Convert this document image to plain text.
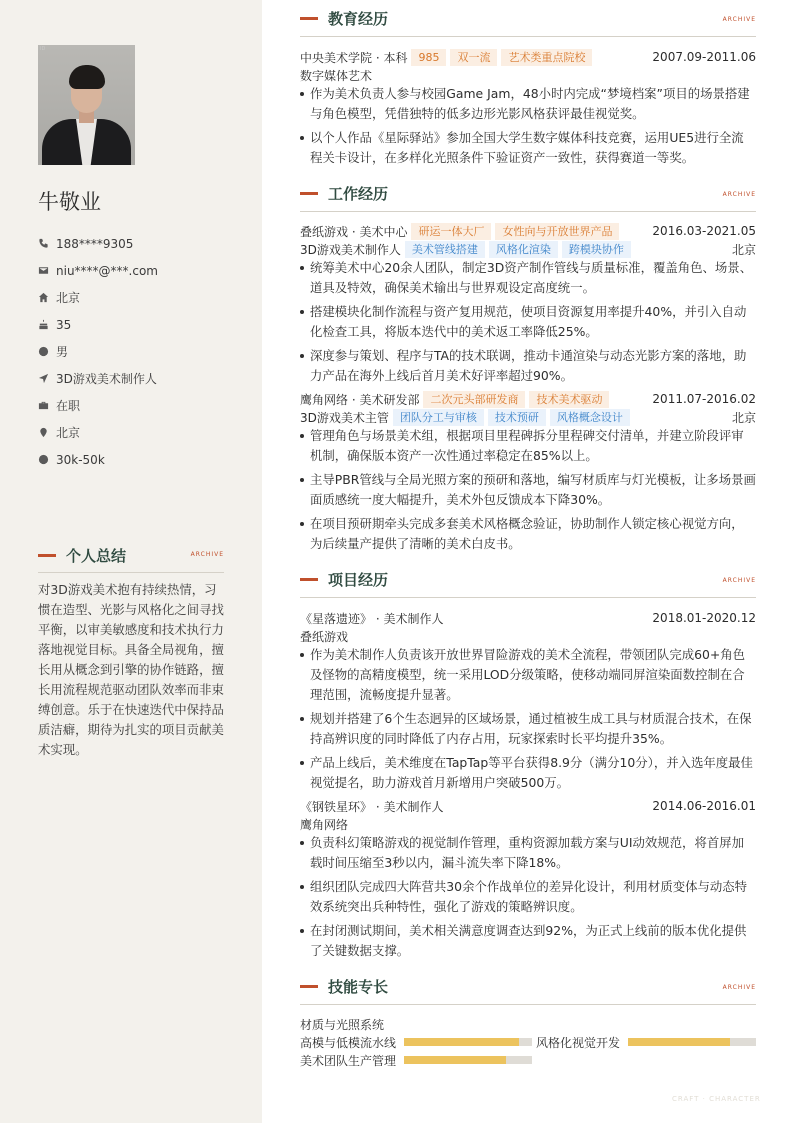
ID
牛敬业
188****9305
niu****@***.com
北京
35
男
3D游戏美术制作人
在职
北京
30k-50k
个人总结	ARCHIVE
对3D游戏美术抱有持续热情，习惯在造型、光影与风格化之间寻找平衡，以审美敏感度和技术执行力落地视觉目标。具备全局视角，擅长用从概念到引擎的协作链路，擅长用流程规范驱动团队效率而非束缚创意。乐于在快速迭代中保持品质洁癖，期待为扎实的项目贡献美术实现。
教育经历	ARCHIVE
中央美术学院 · 本科	985	双一流	艺术类重点院校	2007.09-2011.06
数字媒体艺术
作为美术负责人参与校园Game Jam，48小时内完成“梦境档案”项目的场景搭建与角色模型，凭借独特的低多边形光影风格获评最佳视觉奖。
以个人作品《星际驿站》参加全国大学生数字媒体科技竞赛，运用UE5进行全流程关卡设计，在多样化光照条件下验证资产一致性，获得赛道一等奖。
工作经历	ARCHIVE
叠纸游戏 · 美术中心	研运一体大厂	女性向与开放世界产品	2016.03-2021.05
3D游戏美术制作人	美术管线搭建	风格化渲染	跨模块协作	北京
统筹美术中心20余人团队，制定3D资产制作管线与质量标准，覆盖角色、场景、道具及特效，确保美术输出与世界观设定高度统一。
搭建模块化制作流程与资产复用规范，使项目资源复用率提升40%，并引入自动化检查工具，将版本迭代中的美术返工率降低25%。
深度参与策划、程序与TA的技术联调，推动卡通渲染与动态光影方案的落地，助力产品在海外上线后首月美术好评率超过90%。
鹰角网络 · 美术研发部	二次元头部研发商	技术美术驱动	2011.07-2016.02
3D游戏美术主管	团队分工与审核	技术预研	风格概念设计	北京
管理角色与场景美术组，根据项目里程碑拆分里程碑交付清单，并建立阶段评审机制，确保版本资产一次性通过率稳定在85%以上。
主导PBR管线与全局光照方案的预研和落地，编写材质库与灯光模板，让多场景画面质感统一度大幅提升，美术外包反馈成本下降30%。
在项目预研期牵头完成多套美术风格概念验证，协助制作人锁定核心视觉方向，为后续量产提供了清晰的美术白皮书。
项目经历	ARCHIVE
《星落遗迹》 · 美术制作人	2018.01-2020.12
叠纸游戏
作为美术制作人负责该开放世界冒险游戏的美术全流程，带领团队完成60+角色及怪物的高精度模型，统一采用LOD分级策略，使移动端同屏渲染面数控制在合理范围，流畅度提升显著。
规划并搭建了6个生态迥异的区域场景，通过植被生成工具与材质混合技术，在保持高辨识度的同时降低了内存占用，玩家探索时长平均提升35%。
产品上线后，美术维度在TapTap等平台获得8.9分（满分10分），并入选年度最佳视觉提名，助力游戏首月新增用户突破500万。
《钢铁星环》 · 美术制作人	2014.06-2016.01
鹰角网络
负责科幻策略游戏的视觉制作管理，重构资源加载方案与UI动效规范，将首屏加载时间压缩至3秒以内，漏斗流失率下降18%。
组织团队完成四大阵营共30余个作战单位的差异化设计，利用材质变体与动态特效系统突出兵种特性，强化了游戏的策略辨识度。
在封闭测试期间，美术相关满意度调查达到92%，为正式上线前的版本优化提供了关键数据支撑。
技能专长	ARCHIVE
材质与光照系统
高模与低模流水线	风格化视觉开发
美术团队生产管理
CRAFT · CHARACTER
